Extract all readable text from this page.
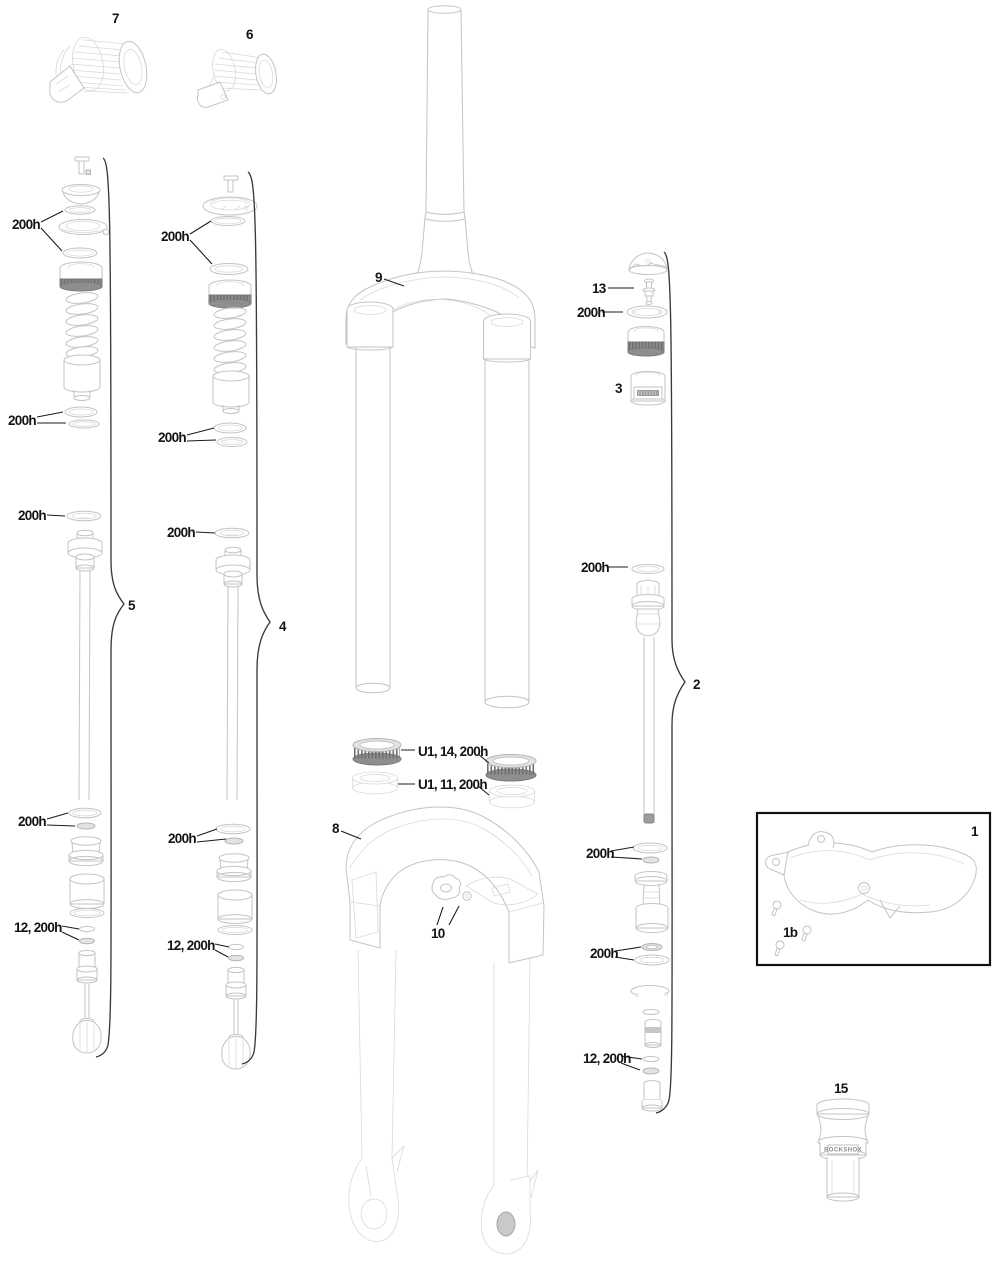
ROCKSHOX
7
6
200h
200h
200h
200h
12, 200h
5
200h
200h
200h
200h
12, 200h
4
9
U1, 14, 200h
U1, 11, 200h
8
10
13
200h
3
200h
200h
200h
12, 200h
2
1
1b
15
